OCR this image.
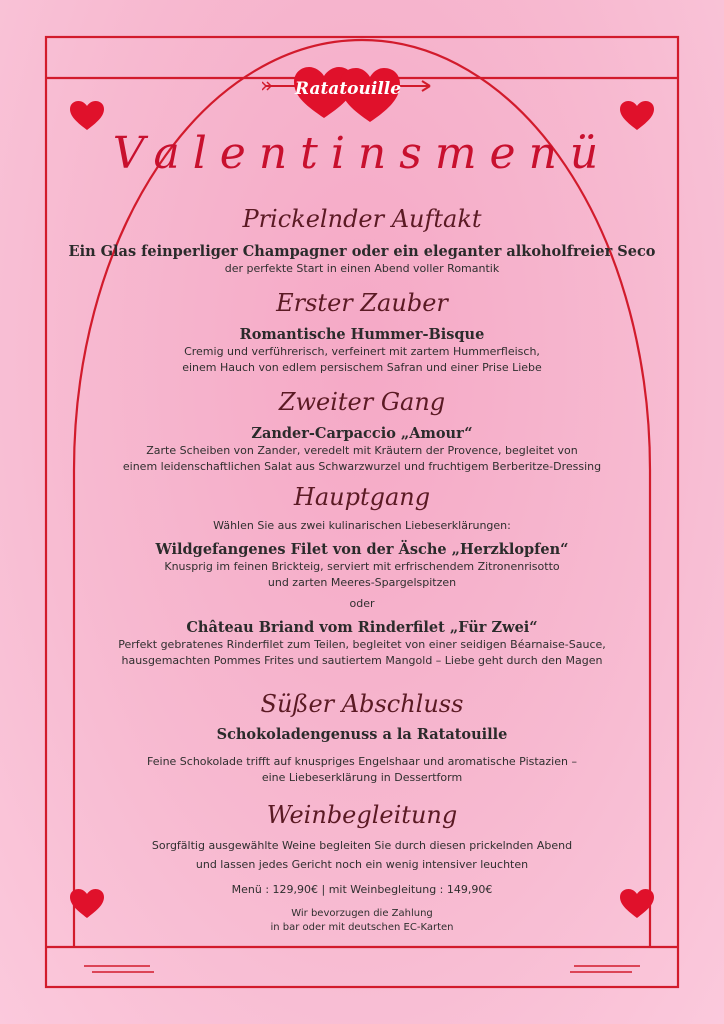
Ratatouille
Valentinsmenü
Prickelnder Auftakt
Ein Glas feinperliger Champagner oder ein eleganter alkoholfreier Seco
der perfekte Start in einen Abend voller Romantik
Erster Zauber
Romantische Hummer-Bisque
Cremig und verführerisch, verfeinert mit zartem Hummerfleisch,
einem Hauch von edlem persischem Safran und einer Prise Liebe
Zweiter Gang
Zander-Carpaccio „Amour“
Zarte Scheiben von Zander, veredelt mit Kräutern der Provence, begleitet von
einem leidenschaftlichen Salat aus Schwarzwurzel und fruchtigem Berberitze-Dressing
Hauptgang
Wählen Sie aus zwei kulinarischen Liebeserklärungen:
Wildgefangenes Filet von der Äsche „Herzklopfen“
Knusprig im feinen Brickteig, serviert mit erfrischendem Zitronenrisotto
und zarten Meeres-Spargelspitzen
oder
Château Briand vom Rinderfilet „Für Zwei“
Perfekt gebratenes Rinderfilet zum Teilen, begleitet von einer seidigen Béarnaise-Sauce,
hausgemachten Pommes Frites und sautiertem Mangold – Liebe geht durch den Magen
Süßer Abschluss
Schokoladengenuss a la Ratatouille
Feine Schokolade trifft auf knuspriges Engelshaar und aromatische Pistazien –
eine Liebeserklärung in Dessertform
Weinbegleitung
Sorgfältig ausgewählte Weine begleiten Sie durch diesen prickelnden Abend
und lassen jedes Gericht noch ein wenig intensiver leuchten
Menü : 129,90€ | mit Weinbegleitung : 149,90€
Wir bevorzugen die Zahlung
in bar oder mit deutschen EC-Karten
